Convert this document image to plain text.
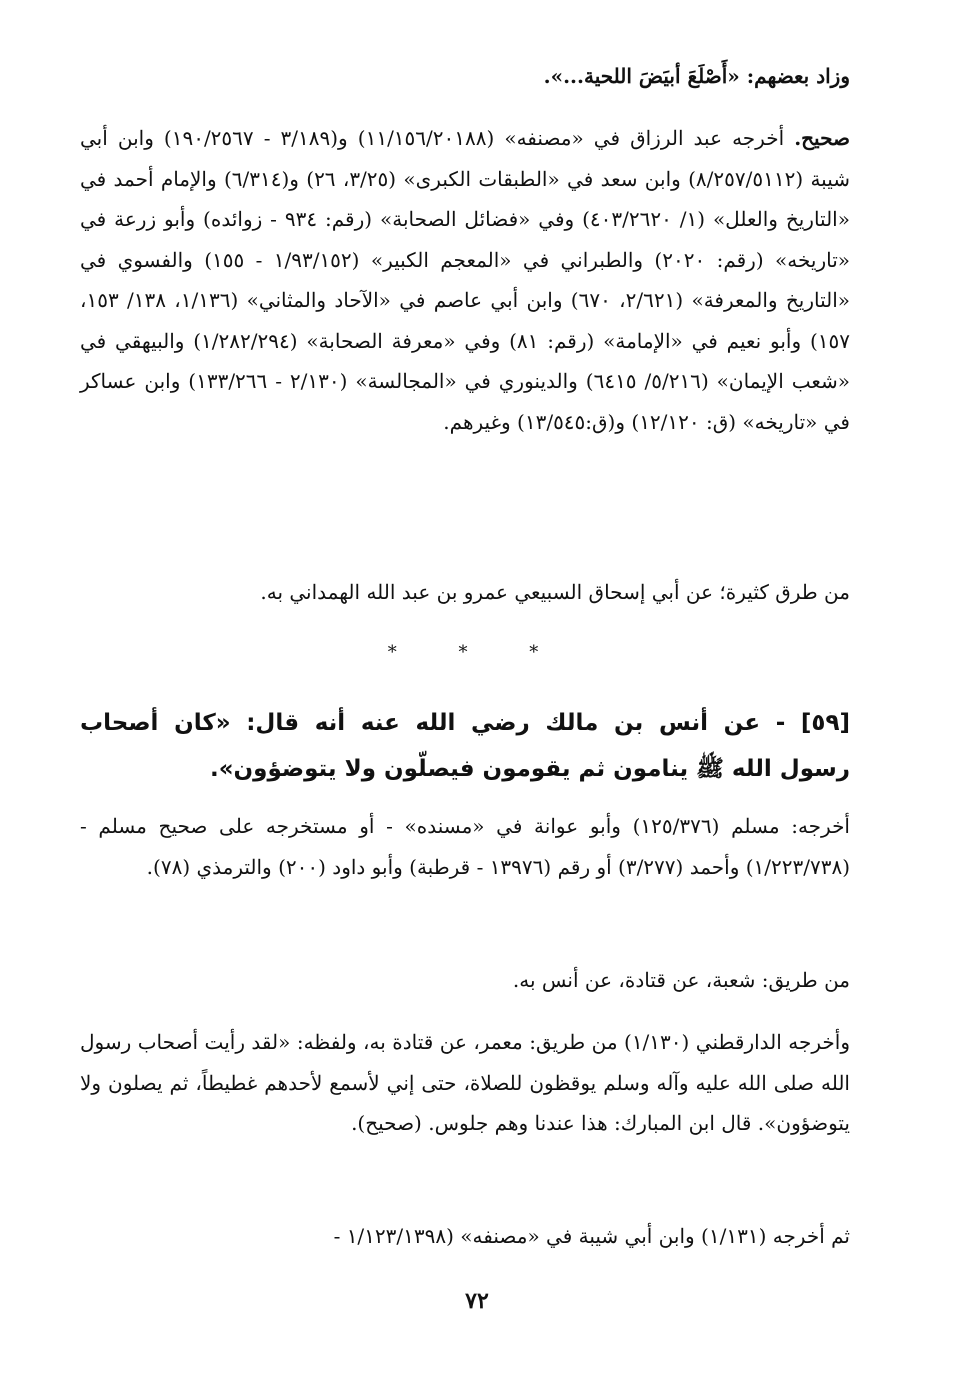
وزاد بعضهم: «أَصْلَعَ أبيَضَ اللحية...».

صحيح. أخرجه عبد الرزاق في «مصنفه» (١١/١٥٦/٢٠١٨٨) و(٣/١٨٩ - ١٩٠/٢٥٦٧) وابن أبي شيبة (٨/٢٥٧/٥١١٢) وابن سعد في «الطبقات الكبرى» (٣/٢٥، ٢٦) و(٦/٣١٤) والإمام أحمد في «التاريخ والعلل» (١/ ٤٠٣/٢٦٢٠) وفي «فضائل الصحابة» (رقم: ٩٣٤ - زوائده) وأبو زرعة في «تاريخه» (رقم: ٢٠٢٠) والطبراني في «المعجم الكبير» (١/٩٣/١٥٢ - ١٥٥) والفسوي في «التاريخ والمعرفة» (٢/٦٢١، ٦٧٠) وابن أبي عاصم في «الآحاد والمثاني» (١/١٣٦، ١٣٨/ ١٥٣، ١٥٧) وأبو نعيم في «الإمامة» (رقم: ٨١) وفي «معرفة الصحابة» (١/٢٨٢/٢٩٤) والبيهقي في «شعب الإيمان» (٥/٢١٦/ ٦٤١٥) والدينوري في «المجالسة» (٢/١٣٠ - ١٣٣/٢٦٦) وابن عساكر في «تاريخه» (ق: ١٢/١٢٠) و(ق:١٣/٥٤٥) وغيرهم.

من طرق كثيرة؛ عن أبي إسحاق السبيعي عمرو بن عبد الله الهمداني به.

* * *
[٥٩] - عن أنس بن مالك رضي الله عنه أنه قال: «كان أصحاب
رسول الله ﷺ ينامون ثم يقومون فيصلّون ولا يتوضؤون».

أخرجه: مسلم (١٢٥/٣٧٦) وأبو عوانة في «مسنده» - أو مستخرجه على صحيح مسلم - (١/٢٢٣/٧٣٨) وأحمد (٣/٢٧٧) أو رقم (١٣٩٧٦ - قرطبة) وأبو داود (٢٠٠) والترمذي (٧٨).

من طريق: شعبة، عن قتادة، عن أنس به.

وأخرجه الدارقطني (١/١٣٠) من طريق: معمر، عن قتادة به، ولفظه: «لقد رأيت أصحاب رسول الله صلى الله عليه وآله وسلم يوقظون للصلاة، حتى إني لأسمع لأحدهم غطيطاً، ثم يصلون ولا يتوضؤون». قال ابن المبارك: هذا عندنا وهم جلوس. (صحيح).

ثم أخرجه (١/١٣١) وابن أبي شيبة في «مصنفه» (١/١٢٣/١٣٩٨ -

٧٢
